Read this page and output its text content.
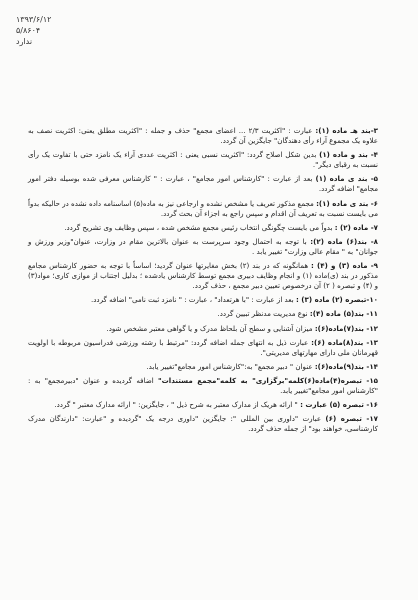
۱۳۹۳/۶/۱۲
۵/۸۶۰۴
ندارد

۳-بند هـ ماده (۱): عبارت : "اکثریت ۲/۳ ... اعضای مجمع" حذف و جمله : "اکثریت مطلق یعنی: اکثریت نصف به علاوه یک مجموع آراء رأی دهندگان" جایگزین آن گردد.

۴- بند و ماده (۱) بدین شکل اصلاح گردد: "اکثریت نسبی یعنی : اکثریت عددی آراء یک نامزد حتی با تفاوت یک رأی نسبت به رقبای دیگر".

۵- بند ی ماده (۱) بعد از عبارت : "کارشناس امور مجامع" ، عبارت : " کارشناس معرفی شده بوسیله دفتر امور مجامع" اضافه گردد.

۶- بند ی ماده (۱): مجمع مذکور تعریف یا مشخص نشده و ارجاعی نیز به ماده(۵) اساسنامه داده نشده در حالیکه بدواً می بایست نسبت به تعریف آن اقدام و سپس راجع به اجزاء آن بحث گردد.

۷- ماده (۲) : بدواً می بایست چگونگی انتخاب رئیس مجمع مشخص شده ، سپس وظایف وی تشریح گردد.

۸- بند(۶) ماده (۲): با توجه به احتمال وجود سرپرست به عنوان بالاترین مقام در وزارت، عنوان"وزیر ورزش و جوانان" به " مقام عالی وزارت" تغییر یابد .

۹- ماده (۳) و (۴) : همانگونه که در بند (۲) بخش مغایرتها عنوان گردید؛ اساساً با توجه به حضور کارشناس مجامع مذکور در بند (ی)ماده (۱) و انجام وظایف دبیری مجمع توسط کارشناس یادشده ؛ بدلیل اجتناب از موازی کاری؛ مواد(۳) و (۴) و تبصره ( ۲) آن درخصوص تعیین دبیر مجمع ، حذف گردد.

۱۰-تبصره (۲) ماده (۳) : بعد از عبارت : "با هرتعداد" ، عبارت : " نامزد ثبت نامی" اضافه گردد.

۱۱- بند(۵) ماده (۴): نوع مدیریت مدنظر تبیین گردد.

۱۲- بند(۷)ماده(۶): میزان آشنایی و سطح آن بلحاظ مدرک و یا گواهی معتبر مشخص شود.

۱۳- بند(۸)ماده (۶): عبارت ذیل به انتهای جمله اضافه گردد: "مرتبط با رشته ورزشی فدراسیون مربوطه با اولویت قهرمانان ملی دارای مهارتهای مدیریتی".

۱۴- بند(۹)ماده(۶): عنوان " دبیر مجمع" به:"کارشناس امور مجامع"تغییر یابد.

۱۵- تبصره(۴)ماده(۶)کلمه"برگزاری" به کلمه"مجمع مستندات" اضافه گردیده و عنوان "دبیرمجمع" به : "کارشناس امور مجامع"تغییر یابد.

۱۶- تبصره (۵) عبارت : " ارائه هریک از مدارک معتبر به شرح ذیل " ، جایگزین: " ارائه مدارک معتبر " گردد.

۱۷- تبصره (۶) عبارت "داوری بین المللی ": جایگزین "داوری درجه یک "گردیده و "عبارت: "دارندگان مدرک کارشناسی، خواهند بود" از جمله حذف گردد.
